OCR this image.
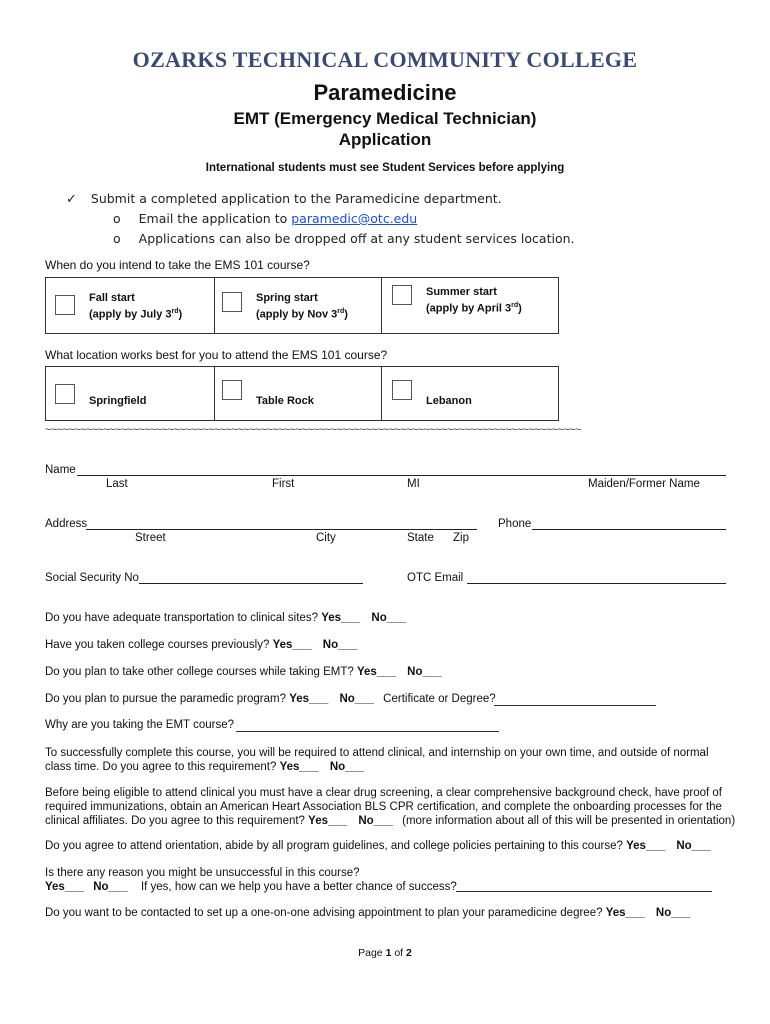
OZARKS TECHNICAL COMMUNITY COLLEGE
Paramedicine
EMT (Emergency Medical Technician)
Application
International students must see Student Services before applying
✓ Submit a completed application to the Paramedicine department.
o Email the application to paramedic@otc.edu
o Applications can also be dropped off at any student services location.
When do you intend to take the EMS 101 course?
Fall start
(apply by July 3rd)
Spring start
(apply by Nov 3rd)
Summer start
(apply by April 3rd)
What location works best for you to attend the EMS 101 course?
Springfield	Table Rock	Lebanon
~~~~~~~~~~~~~~~~~~~~~~~~~~~~~~~~~~~~~~~~~~~~~~~~~~~~~~~~~~~~~~~~~~~~~~~~~~~~~~~~~~~~~~~~~~~~
Name
Last	First	MI	Maiden/Former Name
Address
Street	City	State Zip
Phone
Social Security No	OTC Email
Do you have adequate transportation to clinical sites? Yes___ No___
Have you taken college courses previously? Yes___ No___
Do you plan to take other college courses while taking EMT? Yes___ No___
Do you plan to pursue the paramedic program? Yes___ No___ Certificate or Degree?
Why are you taking the EMT course?
To successfully complete this course, you will be required to attend clinical, and internship on your own time, and outside of normal
class time. Do you agree to this requirement? Yes___ No___
Before being eligible to attend clinical you must have a clear drug screening, a clear comprehensive background check, have proof of
required immunizations, obtain an American Heart Association BLS CPR certification, and complete the onboarding processes for the
clinical affiliates. Do you agree to this requirement? Yes___ No___ (more information about all of this will be presented in orientation)
Do you agree to attend orientation, abide by all program guidelines, and college policies pertaining to this course? Yes___ No___
Is there any reason you might be unsuccessful in this course?
Yes___ No___ If yes, how can we help you have a better chance of success?
Do you want to be contacted to set up a one-on-one advising appointment to plan your paramedicine degree? Yes___ No___
Page 1 of 2
